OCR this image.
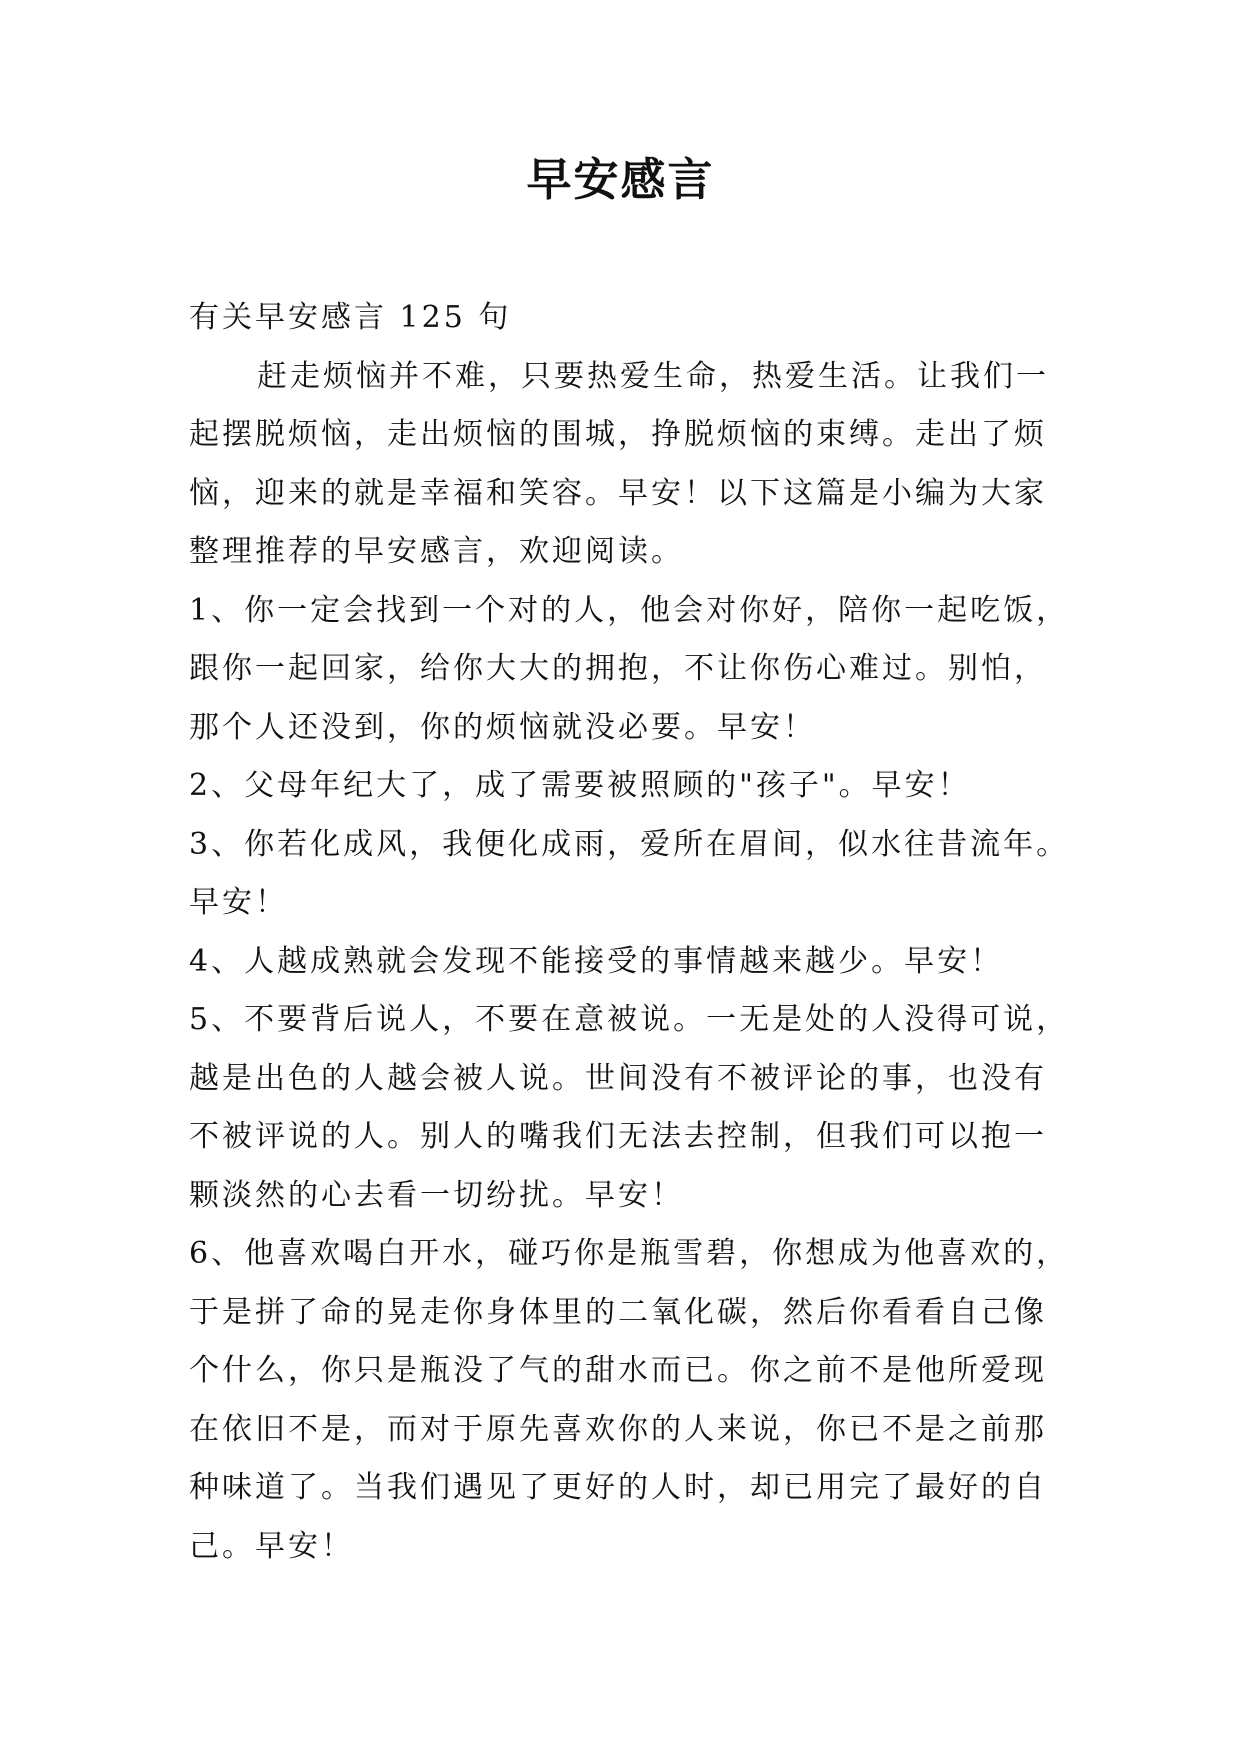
早安感言
有关早安感言 125 句
赶走烦恼并不难，只要热爱生命，热爱生活。让我们一
起摆脱烦恼，走出烦恼的围城，挣脱烦恼的束缚。走出了烦
恼，迎来的就是幸福和笑容。早安！以下这篇是小编为大家
整理推荐的早安感言，欢迎阅读。
1、你一定会找到一个对的人，他会对你好，陪你一起吃饭，
跟你一起回家，给你大大的拥抱，不让你伤心难过。别怕，
那个人还没到，你的烦恼就没必要。早安！
2、父母年纪大了，成了需要被照顾的"孩子"。早安！
3、你若化成风，我便化成雨，爱所在眉间，似水往昔流年。
早安！
4、人越成熟就会发现不能接受的事情越来越少。早安！
5、不要背后说人，不要在意被说。一无是处的人没得可说，
越是出色的人越会被人说。世间没有不被评论的事，也没有
不被评说的人。别人的嘴我们无法去控制，但我们可以抱一
颗淡然的心去看一切纷扰。早安！
6、他喜欢喝白开水，碰巧你是瓶雪碧，你想成为他喜欢的，
于是拼了命的晃走你身体里的二氧化碳，然后你看看自己像
个什么，你只是瓶没了气的甜水而已。你之前不是他所爱现
在依旧不是，而对于原先喜欢你的人来说，你已不是之前那
种味道了。当我们遇见了更好的人时，却已用完了最好的自
己。早安！
